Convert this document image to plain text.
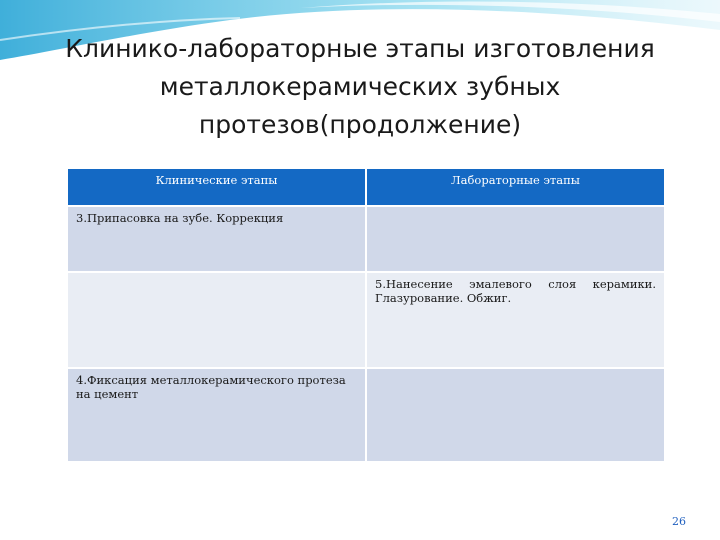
Клинико-лабораторные этапы изготовления
металлокерамических зубных
протезов(продолжение)
Клинические этапы	Лабораторные этапы
3.Припасовка на зубе. Коррекция	
	5.Нанесение эмалевого слоя керамики. Глазурование. Обжиг.
4.Фиксация металлокерамического протеза на цемент	
26
